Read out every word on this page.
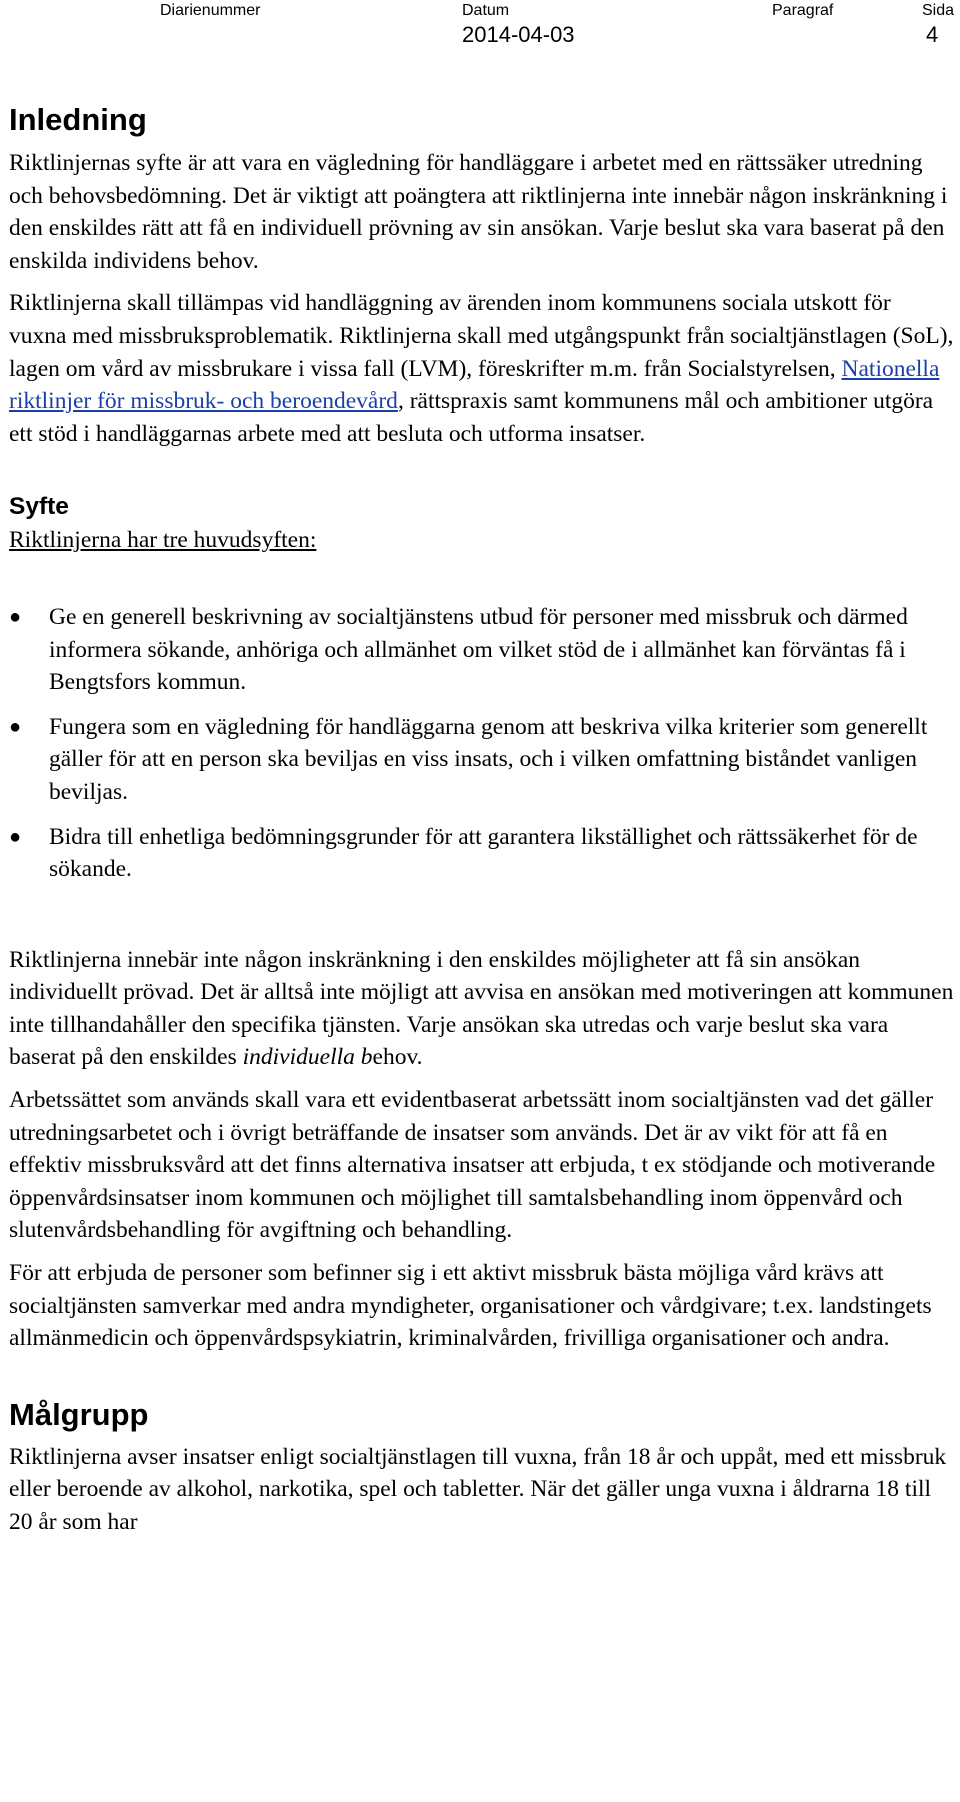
Diarienummer	Datum
2014-04-03
Paragraf	Sida
4
Inledning

Riktlinjernas syfte är att vara en vägledning för handläggare i arbetet med en rättssäker utredning och behovsbedömning. Det är viktigt att poängtera att riktlinjerna inte innebär någon inskränkning i den enskildes rätt att få en individuell prövning av sin ansökan. Varje beslut ska vara baserat på den enskilda individens behov.

Riktlinjerna skall tillämpas vid handläggning av ärenden inom kommunens sociala utskott för vuxna med missbruksproblematik. Riktlinjerna skall med utgångspunkt från socialtjänstlagen (SoL), lagen om vård av missbrukare i vissa fall (LVM), föreskrifter m.m. från Socialstyrelsen, Nationella riktlinjer för missbruk- och beroendevård, rättspraxis samt kommunens mål och ambitioner utgöra ett stöd i handläggarnas arbete med att besluta och utforma insatser.

Syfte

Riktlinjerna har tre huvudsyften:

● Ge en generell beskrivning av socialtjänstens utbud för personer med missbruk och därmed informera sökande, anhöriga och allmänhet om vilket stöd de i allmänhet kan förväntas få i Bengtsfors kommun.
● Fungera som en vägledning för handläggarna genom att beskriva vilka kriterier som generellt gäller för att en person ska beviljas en viss insats, och i vilken omfattning biståndet vanligen beviljas.
● Bidra till enhetliga bedömningsgrunder för att garantera likställighet och rättssäkerhet för de sökande.

Riktlinjerna innebär inte någon inskränkning i den enskildes möjligheter att få sin ansökan individuellt prövad. Det är alltså inte möjligt att avvisa en ansökan med motiveringen att kommunen inte tillhandahåller den specifika tjänsten. Varje ansökan ska utredas och varje beslut ska vara baserat på den enskildes individuella behov.

Arbetssättet som används skall vara ett evidentbaserat arbetssätt inom socialtjänsten vad det gäller utredningsarbetet och i övrigt beträffande de insatser som används. Det är av vikt för att få en effektiv missbruksvård att det finns alternativa insatser att erbjuda, t ex stödjande och motiverande öppenvårdsinsatser inom kommunen och möjlighet till samtalsbehandling inom öppenvård och slutenvårdsbehandling för avgiftning och behandling.

För att erbjuda de personer som befinner sig i ett aktivt missbruk bästa möjliga vård krävs att socialtjänsten samverkar med andra myndigheter, organisationer och vårdgivare; t.ex. landstingets allmänmedicin och öppenvårdspsykiatrin, kriminalvården, frivilliga organisationer och andra.

Målgrupp

Riktlinjerna avser insatser enligt socialtjänstlagen till vuxna, från 18 år och uppåt, med ett missbruk eller beroende av alkohol, narkotika, spel och tabletter. När det gäller unga vuxna i åldrarna 18 till 20 år som har
